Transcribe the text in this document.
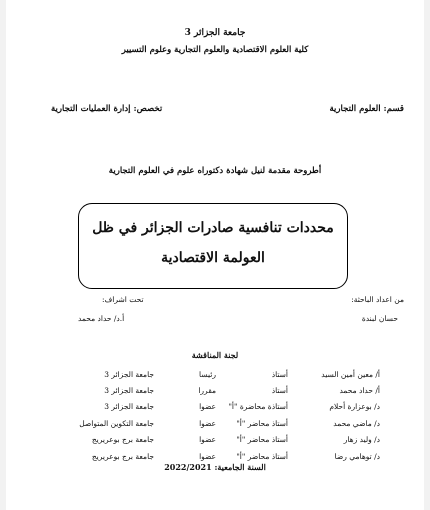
جامعة الجزائر 3
كلية العلوم الاقتصادية والعلوم التجارية وعلوم التسيير
قسم: العلوم التجارية
تخصص: إدارة العمليات التجارية
أطروحة مقدمة لنيل شهادة دكتوراه علوم في العلوم التجارية
محددات تنافسية صادرات الجزائر في ظل
العولمة الاقتصادية
من اعداد الباحثة:
حسان لبندة
تحت اشراف:
أ.د/ حداد محمد
لجنة المناقشة
أ/ معين أمين السيد	أستاذ	رئيسا	جامعة الجزائر 3
أ/ حداد محمد	أستاذ	مقررا	جامعة الجزائر 3
د/ بوعزارة أحلام	أستاذة محاضرة "أ"	عضوا	جامعة الجزائر 3
د/ ماضي محمد	أستاذ محاضر "أ"	عضوا	جامعة التكوين المتواصل
د/ وليد زهار	أستاذ محاضر "أ"	عضوا	جامعة برج بوعريريج
د/ توهامي رضا	أستاذ محاضر "أ"	عضوا	جامعة برج بوعريريج
السنة الجامعية: 2022/2021
